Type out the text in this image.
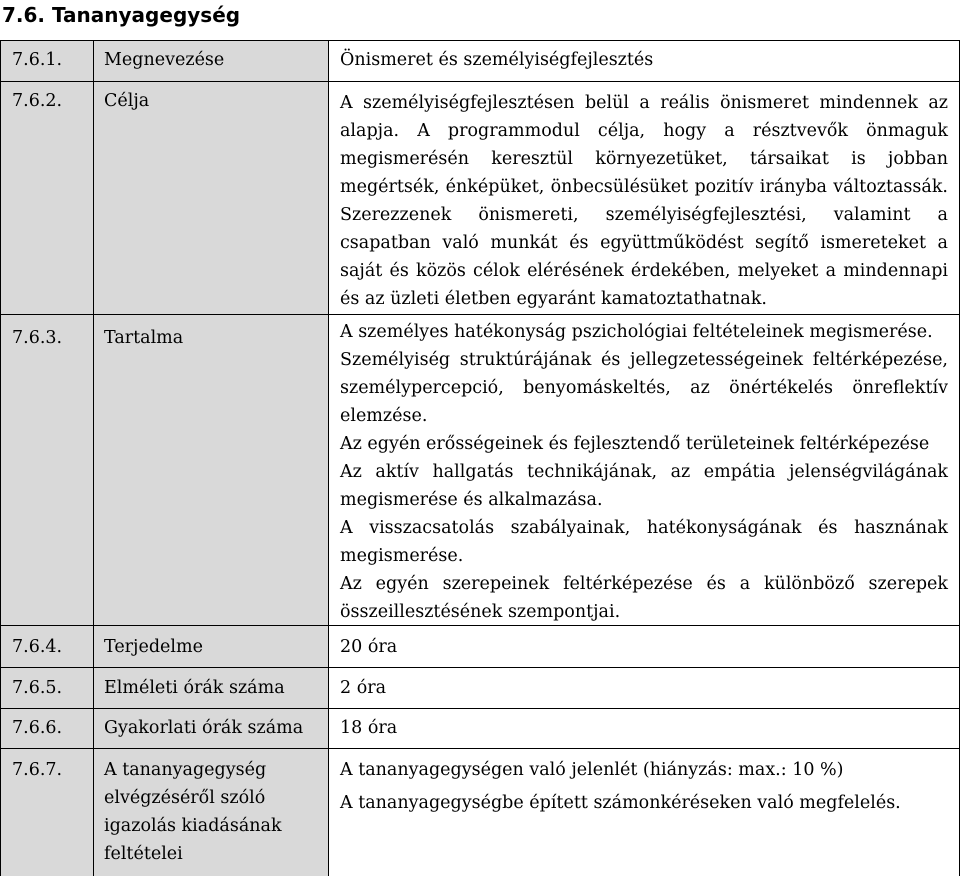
7.6. Tananyagegység
7.6.1. Megnevezése	Önismeret és személyiségfejlesztés
7.6.2. Célja	A személyiségfejlesztésen belül a reális önismeret mindennek az alapja. A programmodul célja, hogy a résztvevők önmaguk megismerésén keresztül környezetüket, társaikat is jobban megértsék, énképüket, önbecsülésüket pozitív irányba változtassák. Szerezzenek önismereti, személyiségfejlesztési, valamint a csapatban való munkát és együttműködést segítő ismereteket a saját és közös célok elérésének érdekében, melyeket a mindennapi és az üzleti életben egyaránt kamatoztathatnak.
7.6.3. Tartalma	A személyes hatékonyság pszichológiai feltételeinek megismerése.
Személyiség struktúrájának és jellegzetességeinek feltérképezése, személypercepció, benyomáskeltés, az önértékelés önreflektív elemzése.
Az egyén erősségeinek és fejlesztendő területeinek feltérképezése
Az aktív hallgatás technikájának, az empátia jelenségvilágának megismerése és alkalmazása.
A visszacsatolás szabályainak, hatékonyságának és hasznának megismerése.
Az egyén szerepeinek feltérképezése és a különböző szerepek összeillesztésének szempontjai.
7.6.4. Terjedelme	20 óra
7.6.5. Elméleti órák száma	2 óra
7.6.6. Gyakorlati órák száma 18 óra
7.6.7. A tananyagegység elvégzéséről szóló igazolás kiadásának feltételei
A tananyagegységen való jelenlét (hiányzás: max.: 10 %)
A tananyagegységbe épített számonkéréseken való megfelelés.
